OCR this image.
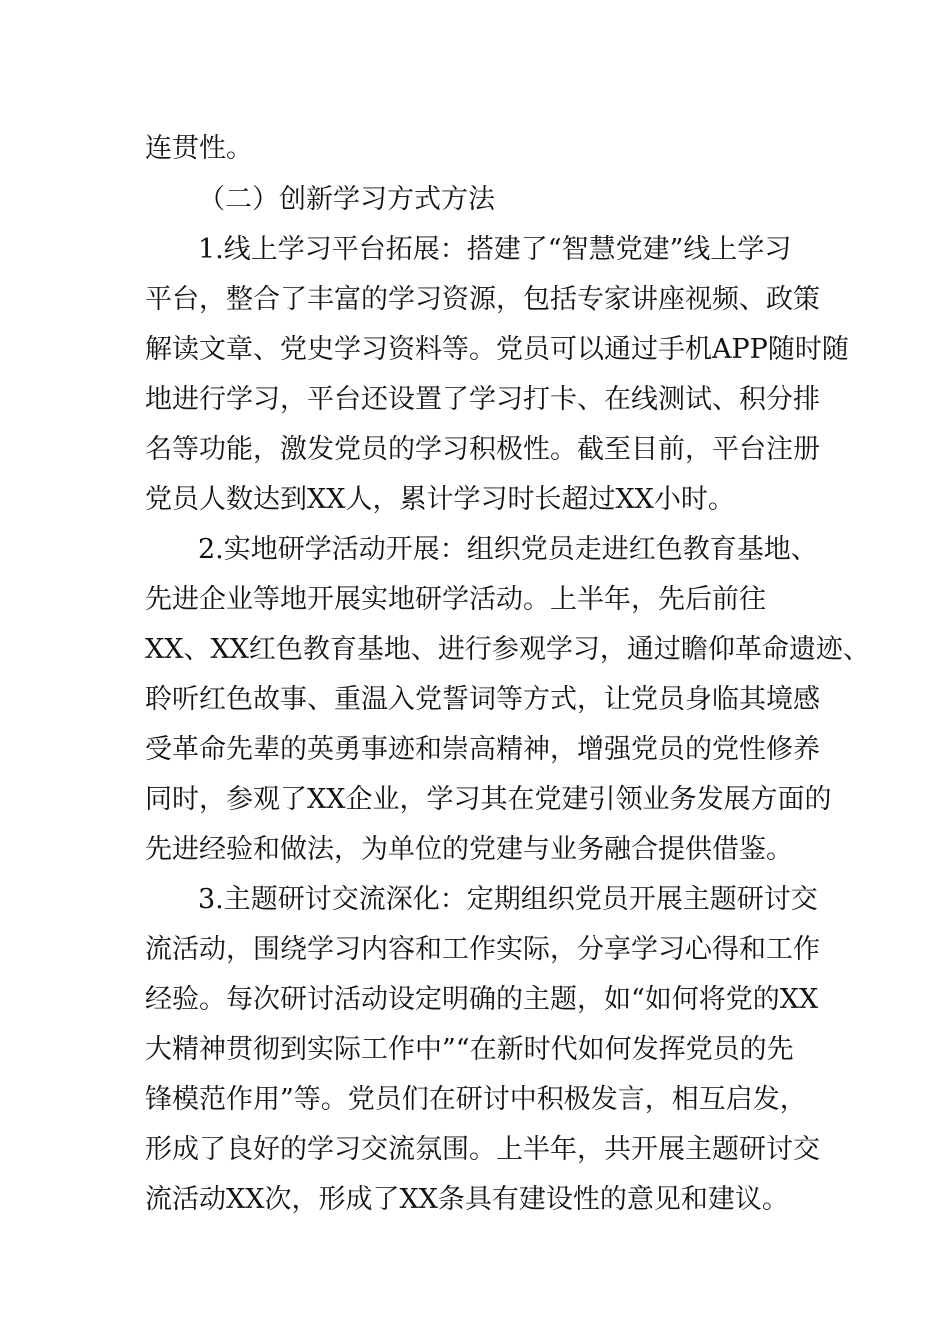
连贯性。
（二）创新学习方式方法
1.线上学习平台拓展：搭建了“智慧党建”线上学习
平台，整合了丰富的学习资源，包括专家讲座视频、政策
解读文章、党史学习资料等。党员可以通过手机APP随时随
地进行学习，平台还设置了学习打卡、在线测试、积分排
名等功能，激发党员的学习积极性。截至目前，平台注册
党员人数达到XX人，累计学习时长超过XX小时。
2.实地研学活动开展：组织党员走进红色教育基地、
先进企业等地开展实地研学活动。上半年，先后前往
XX、XX红色教育基地、进行参观学习，通过瞻仰革命遗迹、
聆听红色故事、重温入党誓词等方式，让党员身临其境感
受革命先辈的英勇事迹和崇高精神，增强党员的党性修养
同时，参观了XX企业，学习其在党建引领业务发展方面的
先进经验和做法，为单位的党建与业务融合提供借鉴。
3.主题研讨交流深化：定期组织党员开展主题研讨交
流活动，围绕学习内容和工作实际，分享学习心得和工作
经验。每次研讨活动设定明确的主题，如“如何将党的XX
大精神贯彻到实际工作中”“在新时代如何发挥党员的先
锋模范作用”等。党员们在研讨中积极发言，相互启发，
形成了良好的学习交流氛围。上半年，共开展主题研讨交
流活动XX次，形成了XX条具有建设性的意见和建议。
